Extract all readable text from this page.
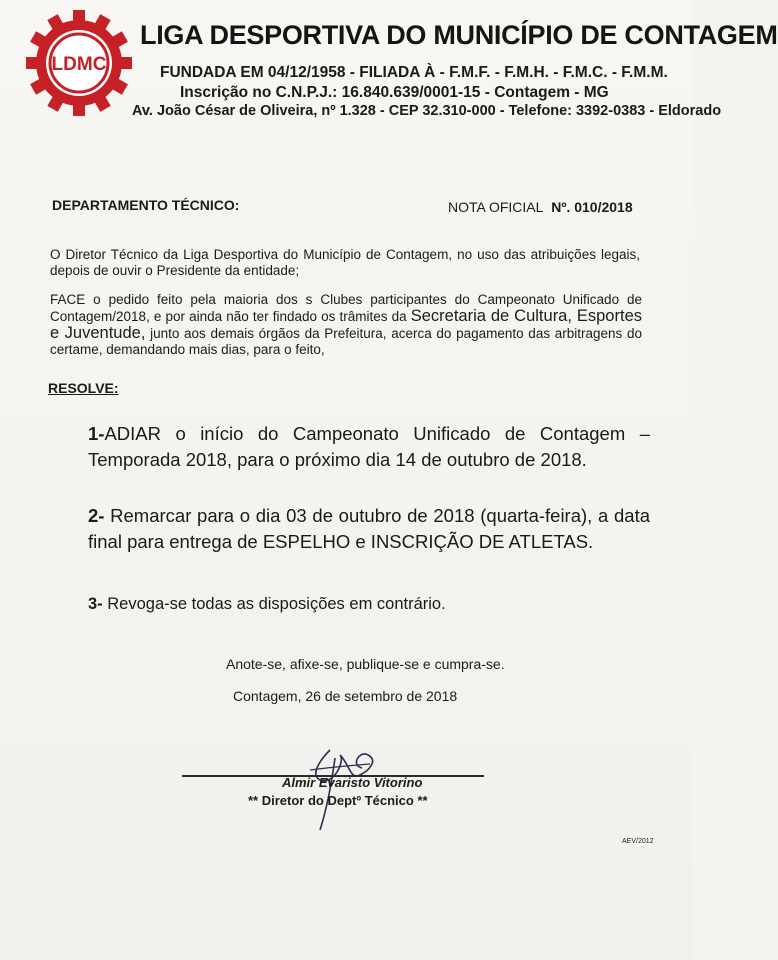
LDMC
LIGA DESPORTIVA DO MUNICÍPIO DE CONTAGEM
FUNDADA EM 04/12/1958 - FILIADA À - F.M.F. - F.M.H. - F.M.C. - F.M.M.
Inscrição no C.N.P.J.: 16.840.639/0001-15 - Contagem - MG
Av. João César de Oliveira, nº 1.328 - CEP 32.310-000 - Telefone: 3392-0383 - Eldorado
DEPARTAMENTO TÉCNICO:	NOTA OFICIAL Nº. 010/2018
O Diretor Técnico da Liga Desportiva do Município de Contagem, no uso das atribuições legais, depois de ouvir o Presidente da entidade;
FACE o pedido feito pela maioria dos s Clubes participantes do Campeonato Unificado de Contagem/2018, e por ainda não ter findado os trâmites da Secretaria de Cultura, Esportes e Juventude, junto aos demais órgãos da Prefeitura, acerca do pagamento das arbitragens do certame, demandando mais dias, para o feito,
RESOLVE:
1-ADIAR o início do Campeonato Unificado de Contagem – Temporada 2018, para o próximo dia 14 de outubro de 2018.
2- Remarcar para o dia 03 de outubro de 2018 (quarta-feira), a data final para entrega de ESPELHO e INSCRIÇÃO DE ATLETAS.
3- Revoga-se todas as disposições em contrário.
Anote-se, afixe-se, publique-se e cumpra-se.
Contagem, 26 de setembro de 2018
Almir Evaristo Vitorino
** Diretor do Deptº Técnico **
AEV/2012
